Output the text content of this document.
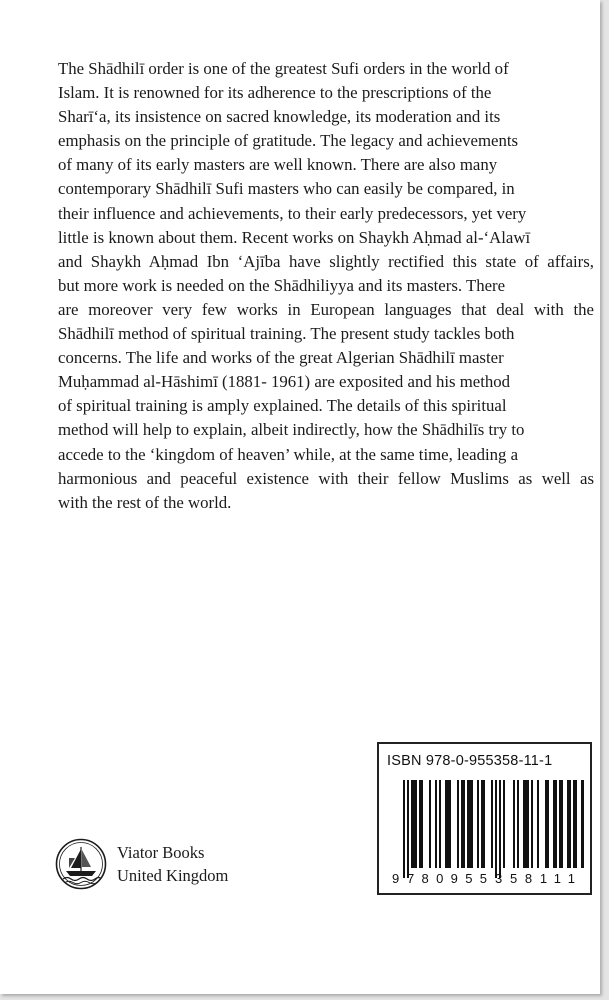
The Shādhilī order is one of the greatest Sufi orders in the world of
Islam. It is renowned for its adherence to the prescriptions of the
Sharī‘a, its insistence on sacred knowledge, its moderation and its
emphasis on the principle of gratitude. The legacy and achievements
of many of its early masters are well known. There are also many
contemporary Shādhilī Sufi masters who can easily be compared, in
their influence and achievements, to their early predecessors, yet very
little is known about them. Recent works on Shaykh Aḥmad al-‘Alawī
and Shaykh Aḥmad Ibn ‘Ajība have slightly rectified this state of affairs,
but more work is needed on the Shādhiliyya and its masters. There
are moreover very few works in European languages that deal with the
Shādhilī method of spiritual training. The present study tackles both
concerns. The life and works of the great Algerian Shādhilī master
Muḥammad al-Hāshimī (1881- 1961) are exposited and his method
of spiritual training is amply explained. The details of this spiritual
method will help to explain, albeit indirectly, how the Shādhilīs try to
accede to the ‘kingdom of heaven’ while, at the same time, leading a
harmonious and peaceful existence with their fellow Muslims as well as
with the rest of the world.
Viator Books
United Kingdom
ISBN 978-0-955358-11-1
9 780955 358111
